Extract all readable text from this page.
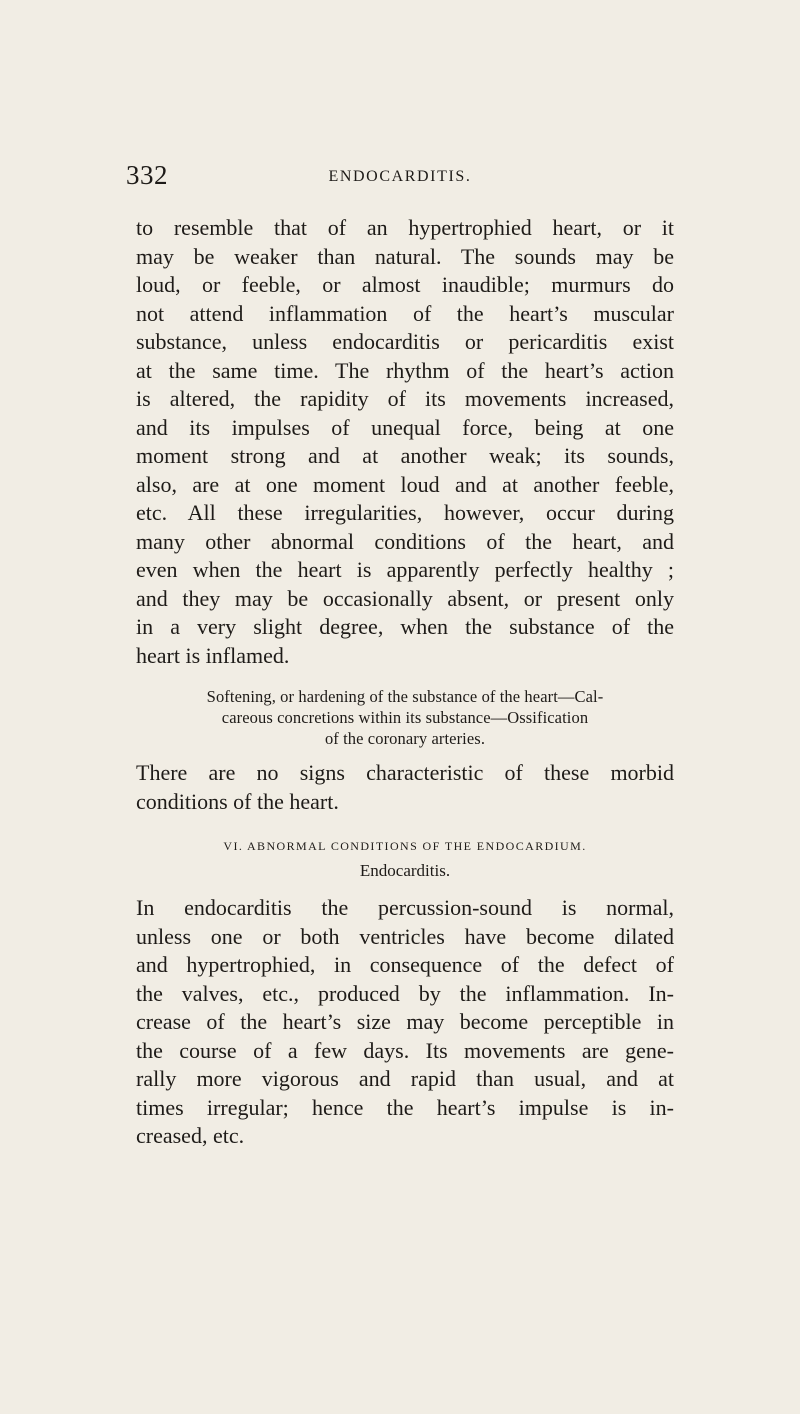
332	ENDOCARDITIS.

to resemble that of an hypertrophied heart, or it
may be weaker than natural. The sounds may be
loud, or feeble, or almost inaudible; murmurs do
not attend inflammation of the heart’s muscular
substance, unless endocarditis or pericarditis exist
at the same time. The rhythm of the heart’s action
is altered, the rapidity of its movements increased,
and its impulses of unequal force, being at one
moment strong and at another weak; its sounds,
also, are at one moment loud and at another feeble,
etc. All these irregularities, however, occur during
many other abnormal conditions of the heart, and
even when the heart is apparently perfectly healthy ;
and they may be occasionally absent, or present only
in a very slight degree, when the substance of the
heart is inflamed.

Softening, or hardening of the substance of the heart—Cal-
careous concretions within its substance—Ossification
of the coronary arteries.

There are no signs characteristic of these morbid
conditions of the heart.

VI. ABNORMAL CONDITIONS OF THE ENDOCARDIUM.
Endocarditis.

In endocarditis the percussion-sound is normal,
unless one or both ventricles have become dilated
and hypertrophied, in consequence of the defect of
the valves, etc., produced by the inflammation. In-
crease of the heart’s size may become perceptible in
the course of a few days. Its movements are gene-
rally more vigorous and rapid than usual, and at
times irregular; hence the heart’s impulse is in-
creased, etc.
